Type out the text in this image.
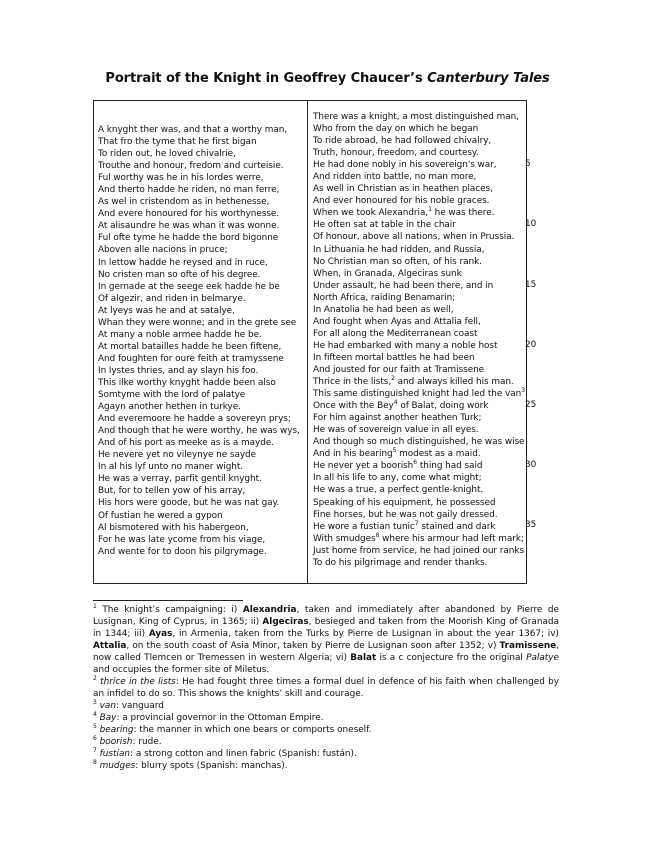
Portrait of the Knight in Geoffrey Chaucer’s Canterbury Tales
A knyght ther was, and that a worthy man,
That fro the tyme that he first bigan
To riden out, he loved chivalrie,
Trouthe and honour, fredom and curteisie.
Ful worthy was he in his lordes werre,
And therto hadde he riden, no man ferre,
As wel in cristendom as in hethenesse,
And evere honoured for his worthynesse.
At alisaundre he was whan it was wonne.
Ful ofte tyme he hadde the bord bigonne
Aboven alle nacions in pruce;
In lettow hadde he reysed and in ruce,
No cristen man so ofte of his degree.
In gernade at the seege eek hadde he be
Of algezir, and riden in belmarye.
At lyeys was he and at satalye,
Whan they were wonne; and in the grete see
At many a noble armee hadde he be.
At mortal batailles hadde he been fiftene,
And foughten for oure feith at tramyssene
In lystes thries, and ay slayn his foo.
This ilke worthy knyght hadde been also
Somtyme with the lord of palatye
Agayn another hethen in turkye.
And everemoore he hadde a sovereyn prys;
And though that he were worthy, he was wys,
And of his port as meeke as is a mayde.
He nevere yet no vileynye ne sayde
In al his lyf unto no maner wight.
He was a verray, parfit gentil knyght.
But, for to tellen yow of his array,
His hors were goode, but he was nat gay.
Of fustian he wered a gypon
Al bismotered with his habergeon,
For he was late ycome from his viage,
And wente for to doon his pilgrymage.
There was a knight, a most distinguished man,
Who from the day on which he began
To ride abroad, he had followed chivalry,
Truth, honour, freedom, and courtesy.
He had done nobly in his sovereign's war,
And ridden into battle, no man more,
As well in Christian as in heathen places,
And ever honoured for his noble graces.
When we took Alexandria,$^1$ he was there.
He often sat at table in the chair
Of honour, above all nations, when in Prussia.
In Lithuania he had ridden, and Russia,
No Christian man so often, of his rank.
When, in Granada, Algeciras sunk
Under assault, he had been there, and in
North Africa, raiding Benamarin;
In Anatolia he had been as well,
And fought when Ayas and Attalia fell,
For all along the Mediterranean coast
He had embarked with many a noble host
In fifteen mortal battles he had been
And jousted for our faith at Tramissene
Thrice in the lists,$^2$ and always killed his man.
This same distinguished knight had led the van$^3$
Once with the Bey$^4$ of Balat, doing work
For him against another heathen Turk;
He was of sovereign value in all eyes.
And though so much distinguished, he was wise
And in his bearing$^5$ modest as a maid.
He never yet a boorish$^6$ thing had said
In all his life to any, come what might;
He was a true, a perfect gentle-knight.
Speaking of his equipment, he possessed
Fine horses, but he was not gaily dressed.
He wore a fustian tunic$^7$ stained and dark
With smudges$^8$ where his armour had left mark;
Just home from service, he had joined our ranks
To do his pilgrimage and render thanks.
5
10
15
20
25
30
35

$^1$ The knight’s campaigning: i) Alexandria, taken and immediately after abandoned by Pierre de Lusignan, King of Cyprus, in 1365; ii) Algeciras, besieged and taken from the Moorish King of Granada in 1344; iii) Ayas, in Armenia, taken from the Turks by Pierre de Lusignan in about the year 1367; iv) Attalia, on the south coast of Asia Minor, taken by Pierre de Lusignan soon after 1352; v) Tramissene, now called Tlemcen or Tremessen in western Algeria; vi) Balat is a c conjecture fro the original Palatye and occupies the former site of Miletus.

$^2$ thrice in the lists: He had fought three times a formal duel in defence of his faith when challenged by an infidel to do so. This shows the knights’ skill and courage.

$^3$ van: vanguard

$^4$ Bay: a provincial governor in the Ottoman Empire.

$^5$ bearing: the manner in which one bears or comports oneself.

$^6$ boorish: rude.

$^7$ fustian: a strong cotton and linen fabric (Spanish: fustán).

$^8$ mudges: blurry spots (Spanish: manchas).
